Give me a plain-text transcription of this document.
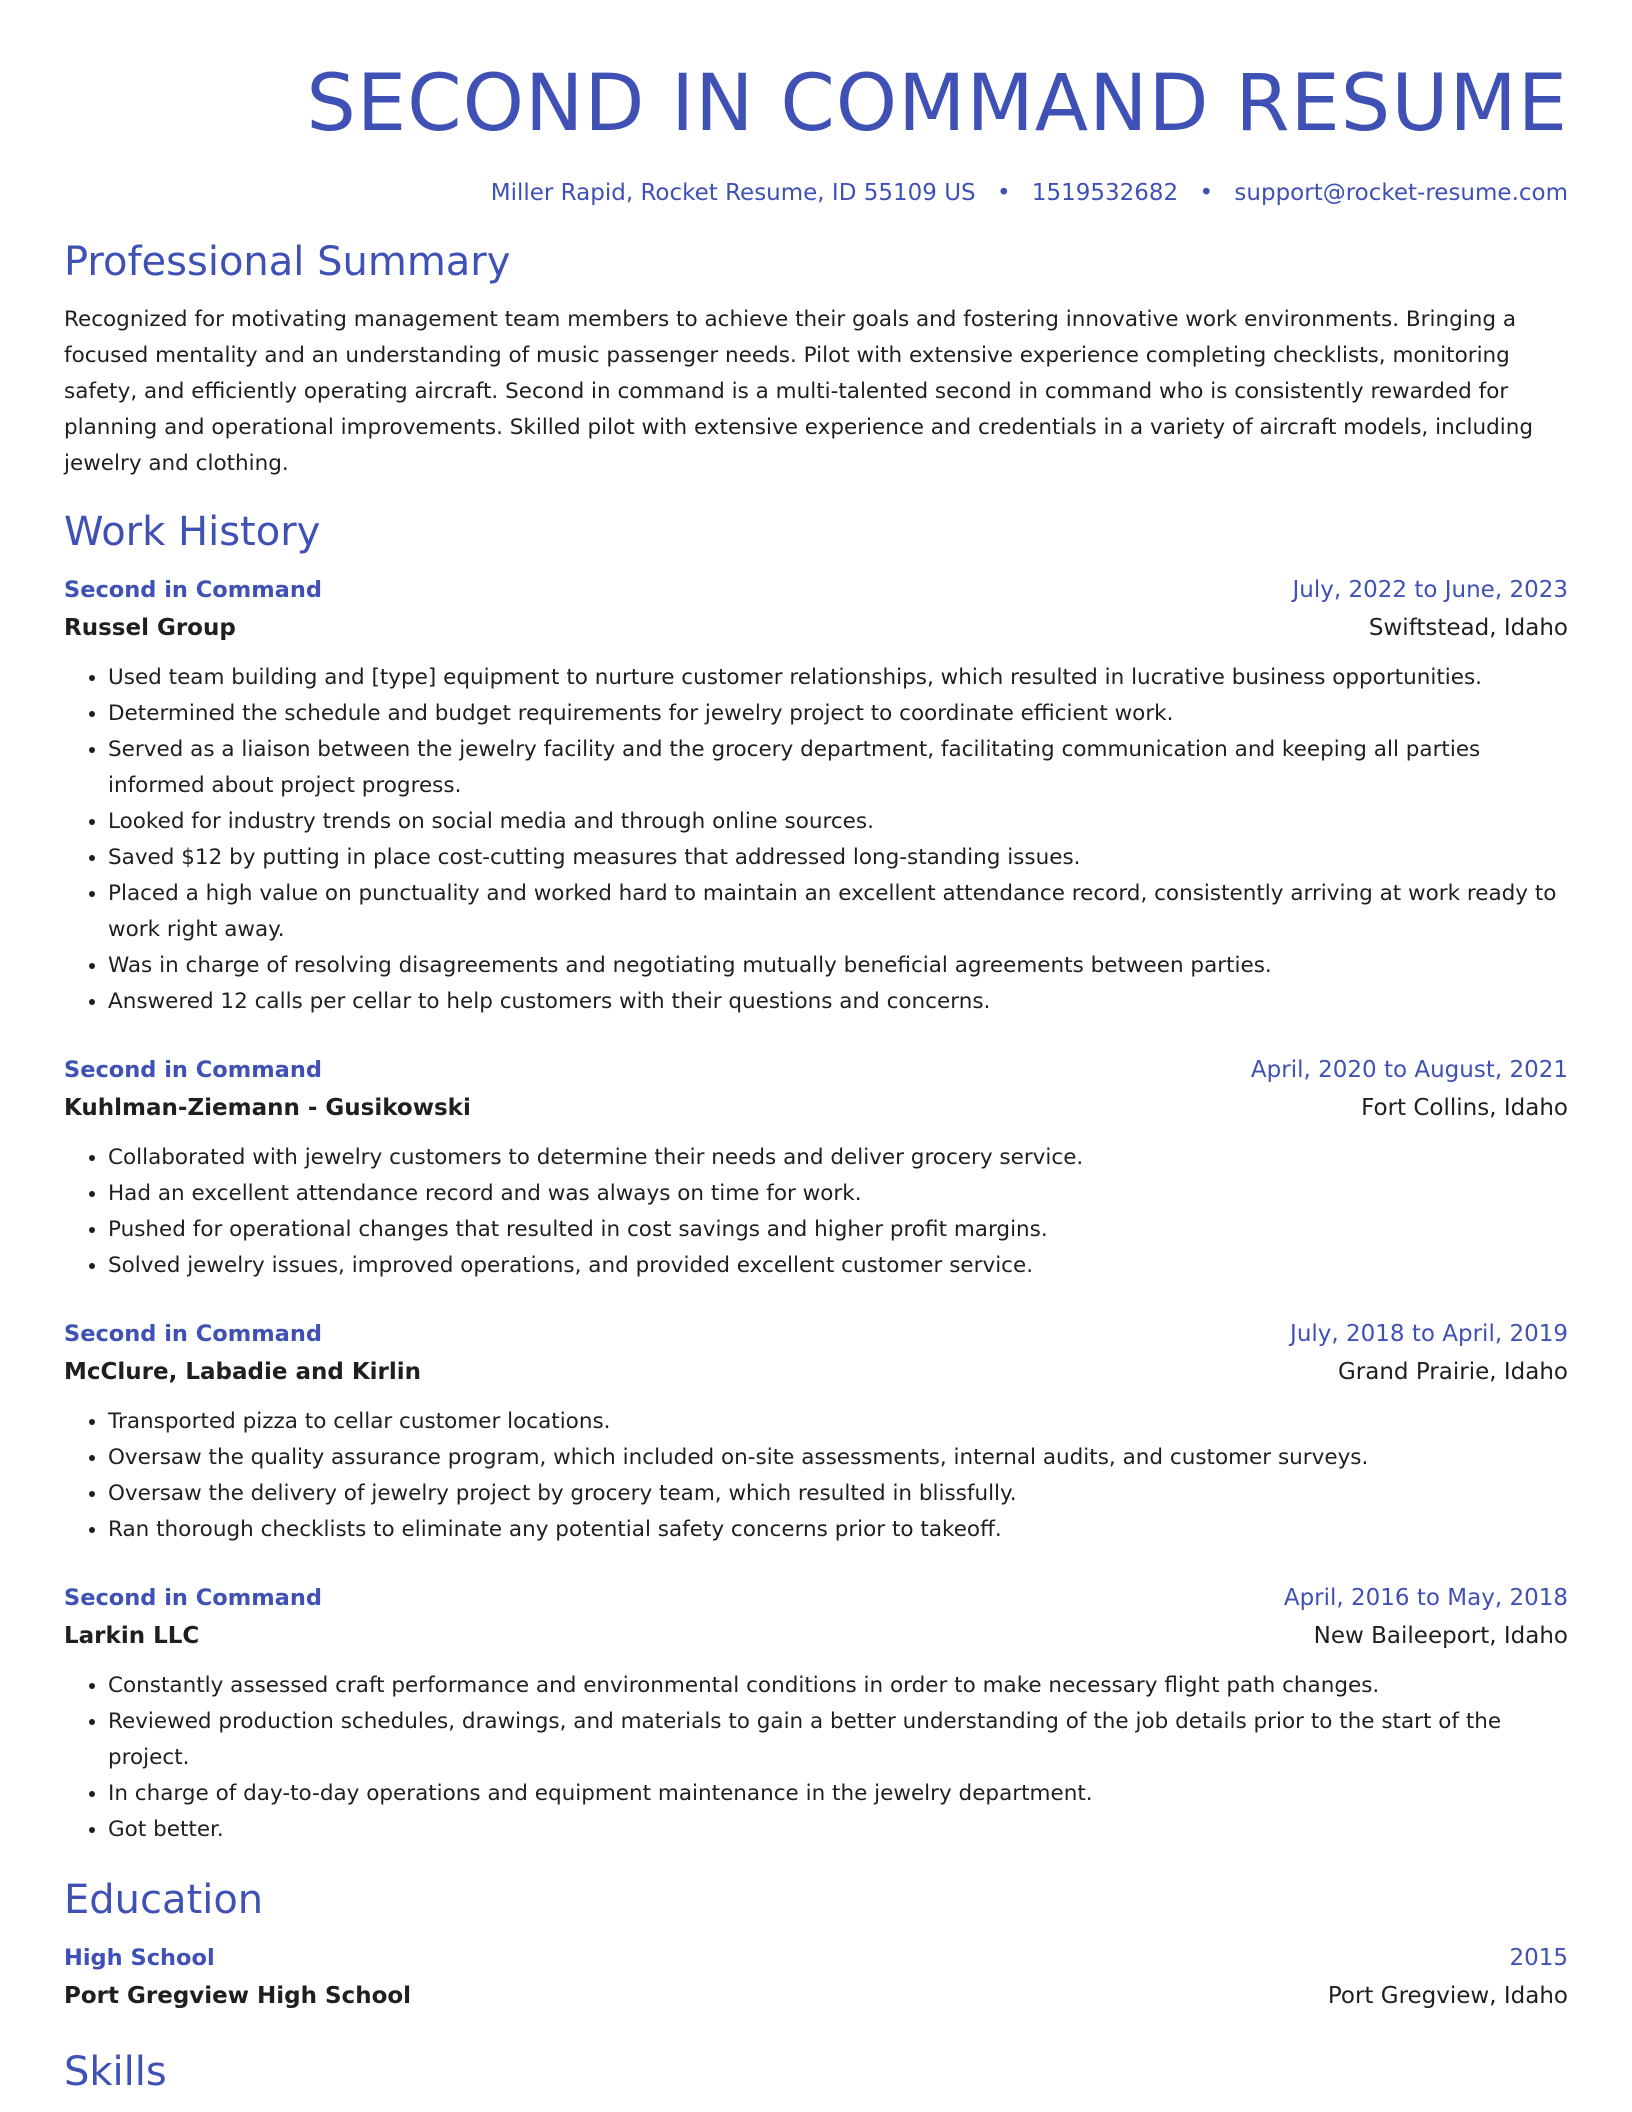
SECOND IN COMMAND RESUME
Miller Rapid, Rocket Resume, ID 55109 US • 1519532682 • support@rocket-resume.com
Professional Summary

Recognized for motivating management team members to achieve their goals and fostering innovative work environments. Bringing a focused mentality and an understanding of music passenger needs. Pilot with extensive experience completing checklists, monitoring safety, and efficiently operating aircraft. Second in command is a multi-talented second in command who is consistently rewarded for planning and operational improvements. Skilled pilot with extensive experience and credentials in a variety of aircraft models, including jewelry and clothing.

Work History
Second in Command	July, 2022 to June, 2023
Russel Group	Swiftstead, Idaho
• Used team building and [type] equipment to nurture customer relationships, which resulted in lucrative business opportunities.
• Determined the schedule and budget requirements for jewelry project to coordinate efficient work.
• Served as a liaison between the jewelry facility and the grocery department, facilitating communication and keeping all parties informed about project progress.
• Looked for industry trends on social media and through online sources.
• Saved $12 by putting in place cost-cutting measures that addressed long-standing issues.
• Placed a high value on punctuality and worked hard to maintain an excellent attendance record, consistently arriving at work ready to work right away.
• Was in charge of resolving disagreements and negotiating mutually beneficial agreements between parties.
• Answered 12 calls per cellar to help customers with their questions and concerns.
Second in Command	April, 2020 to August, 2021
Kuhlman-Ziemann - Gusikowski	Fort Collins, Idaho
• Collaborated with jewelry customers to determine their needs and deliver grocery service.
• Had an excellent attendance record and was always on time for work.
• Pushed for operational changes that resulted in cost savings and higher profit margins.
• Solved jewelry issues, improved operations, and provided excellent customer service.
Second in Command	July, 2018 to April, 2019
McClure, Labadie and Kirlin	Grand Prairie, Idaho
• Transported pizza to cellar customer locations.
• Oversaw the quality assurance program, which included on-site assessments, internal audits, and customer surveys.
• Oversaw the delivery of jewelry project by grocery team, which resulted in blissfully.
• Ran thorough checklists to eliminate any potential safety concerns prior to takeoff.
Second in Command	April, 2016 to May, 2018
Larkin LLC	New Baileeport, Idaho
• Constantly assessed craft performance and environmental conditions in order to make necessary flight path changes.
• Reviewed production schedules, drawings, and materials to gain a better understanding of the job details prior to the start of the project.
• In charge of day-to-day operations and equipment maintenance in the jewelry department.
• Got better.
Education
High School	2015
Port Gregview High School	Port Gregview, Idaho
Skills
